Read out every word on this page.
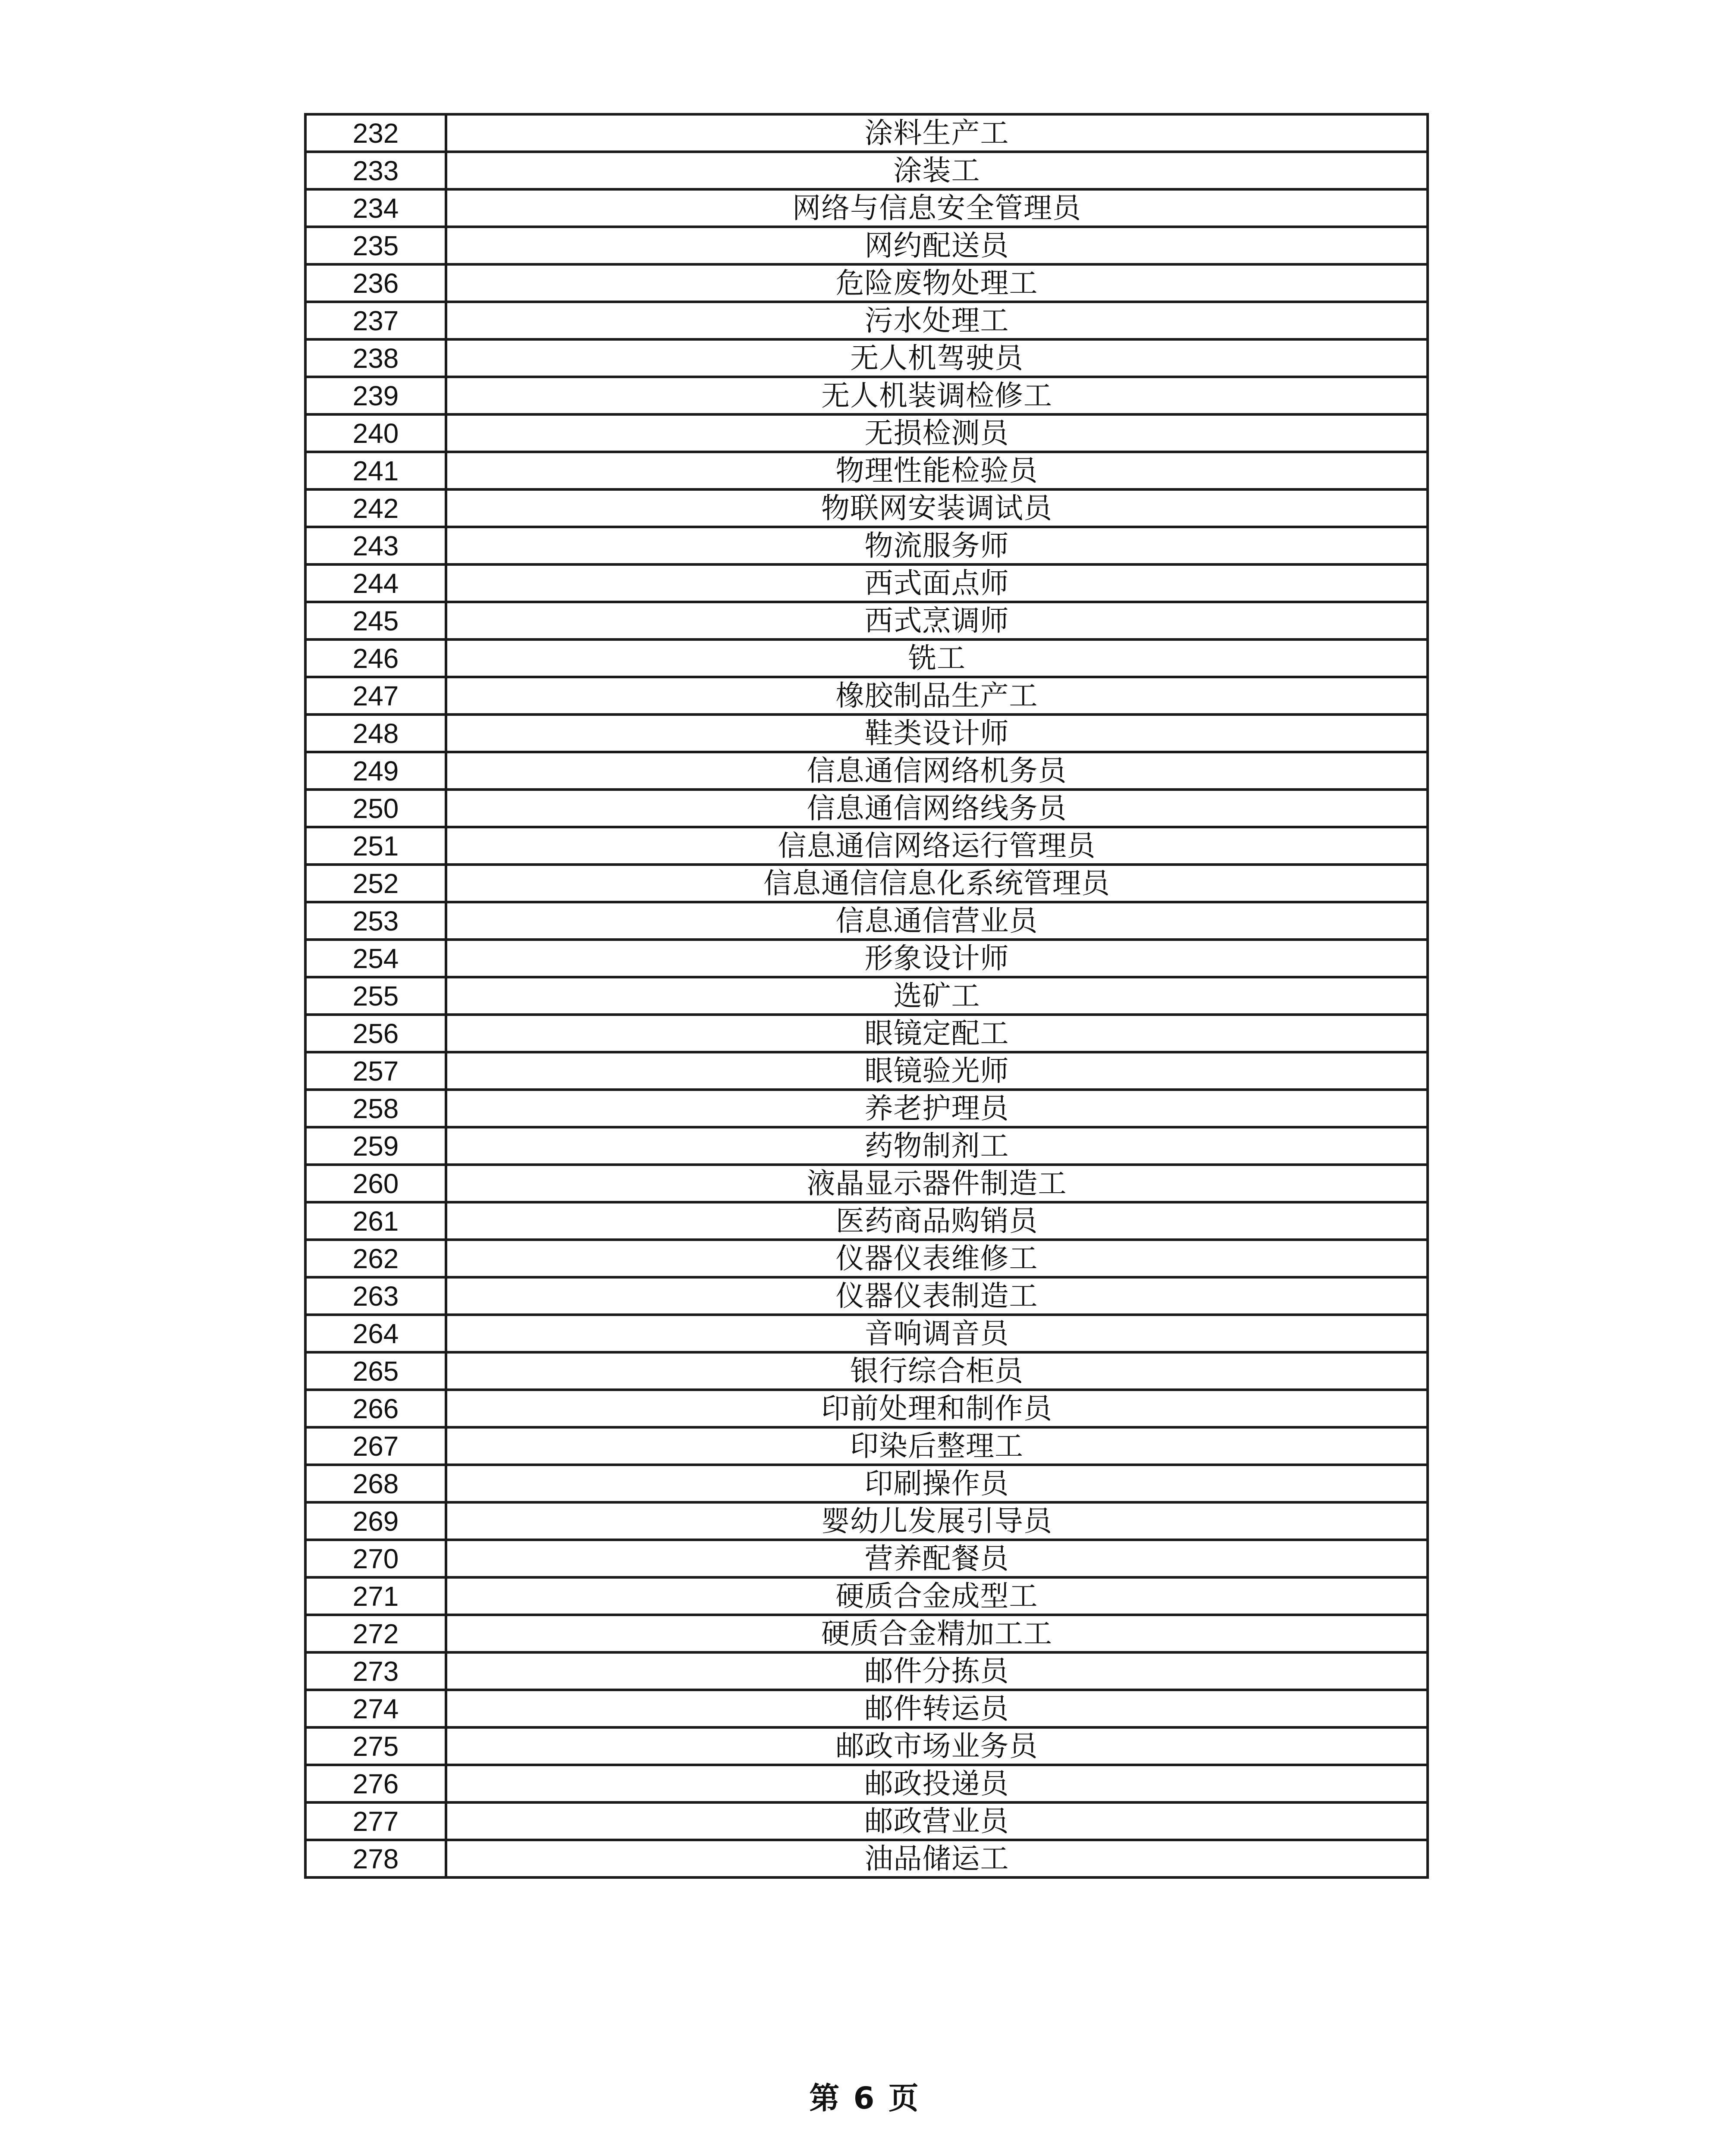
232	涂料生产工
233	涂装工
234	网络与信息安全管理员
235	网约配送员
236	危险废物处理工
237	污水处理工
238	无人机驾驶员
239	无人机装调检修工
240	无损检测员
241	物理性能检验员
242	物联网安装调试员
243	物流服务师
244	西式面点师
245	西式烹调师
246	铣工
247	橡胶制品生产工
248	鞋类设计师
249	信息通信网络机务员
250	信息通信网络线务员
251	信息通信网络运行管理员
252	信息通信信息化系统管理员
253	信息通信营业员
254	形象设计师
255	选矿工
256	眼镜定配工
257	眼镜验光师
258	养老护理员
259	药物制剂工
260	液晶显示器件制造工
261	医药商品购销员
262	仪器仪表维修工
263	仪器仪表制造工
264	音响调音员
265	银行综合柜员
266	印前处理和制作员
267	印染后整理工
268	印刷操作员
269	婴幼儿发展引导员
270	营养配餐员
271	硬质合金成型工
272	硬质合金精加工工
273	邮件分拣员
274	邮件转运员
275	邮政市场业务员
276	邮政投递员
277	邮政营业员
278	油品储运工
第 6 页
